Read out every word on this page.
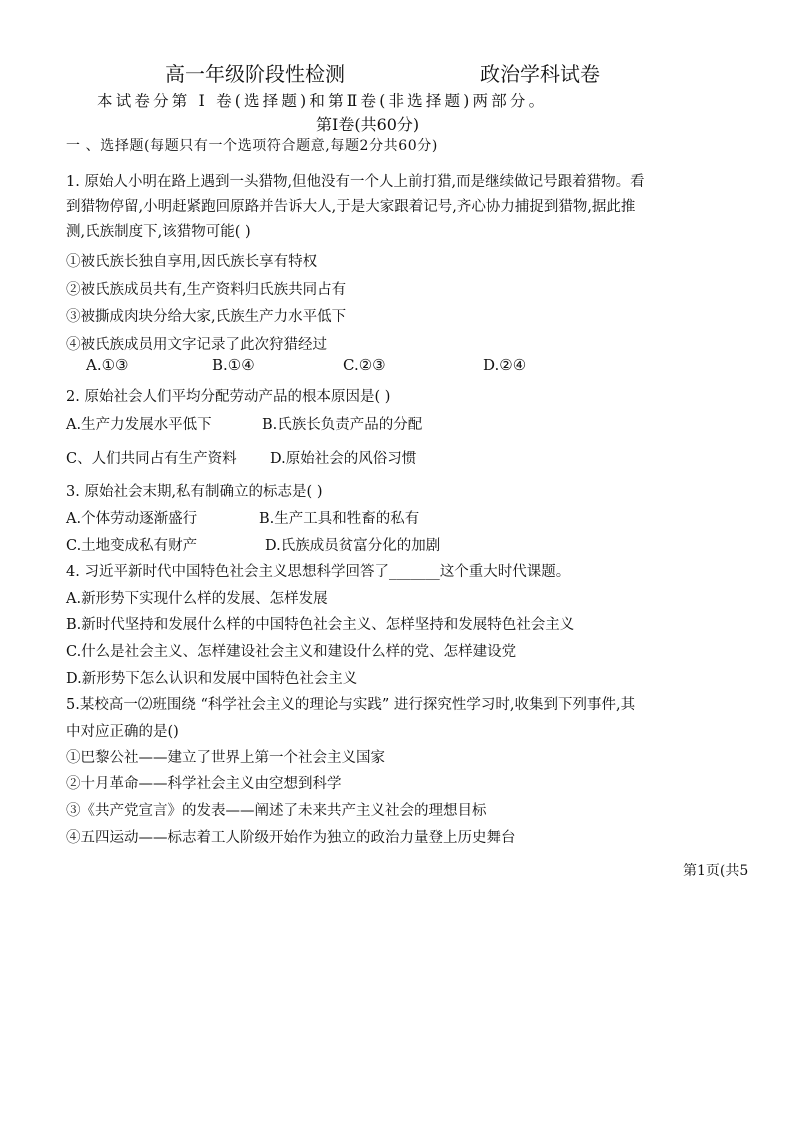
高一年级阶段性检测	政治学科试卷
本试卷分第 Ⅰ 卷(选择题)和第Ⅱ卷(非选择题)两部分。
第Ⅰ卷(共60分)
一 、选择题(每题只有一个选项符合题意,每题2分共60分)
1. 原始人小明在路上遇到一头猎物,但他没有一个人上前打猎,而是继续做记号跟着猎物。看
到猎物停留,小明赶紧跑回原路并告诉大人,于是大家跟着记号,齐心协力捕捉到猎物,据此推
测,氏族制度下,该猎物可能( )
①被氏族长独自享用,因氏族长享有特权
②被氏族成员共有,生产资料归氏族共同占有
③被撕成肉块分给大家,氏族生产力水平低下
④被氏族成员用文字记录了此次狩猎经过
A.①③	B.①④	C.②③	D.②④
2. 原始社会人们平均分配劳动产品的根本原因是( )
A.生产力发展水平低下	B.氏族长负责产品的分配
C、人们共同占有生产资料 D.原始社会的风俗习惯
3. 原始社会末期,私有制确立的标志是( )
A.个体劳动逐渐盛行	B.生产工具和牲畜的私有
C.土地变成私有财产	D.氏族成员贫富分化的加剧
4. 习近平新时代中国特色社会主义思想科学回答了_______这个重大时代课题。
A.新形势下实现什么样的发展、怎样发展
B.新时代坚持和发展什么样的中国特色社会主义、怎样坚持和发展特色社会主义
C.什么是社会主义、怎样建设社会主义和建设什么样的党、怎样建设党
D.新形势下怎么认识和发展中国特色社会主义
5.某校高一⑵班围绕 “科学社会主义的理论与实践” 进行探究性学习时,收集到下列事件,其
中对应正确的是()
①巴黎公社——建立了世界上第一个社会主义国家
②十月革命——科学社会主义由空想到科学
③《共产党宣言》的发表——阐述了未来共产主义社会的理想目标
④五四运动——标志着工人阶级开始作为独立的政治力量登上历史舞台
第1页(共5
